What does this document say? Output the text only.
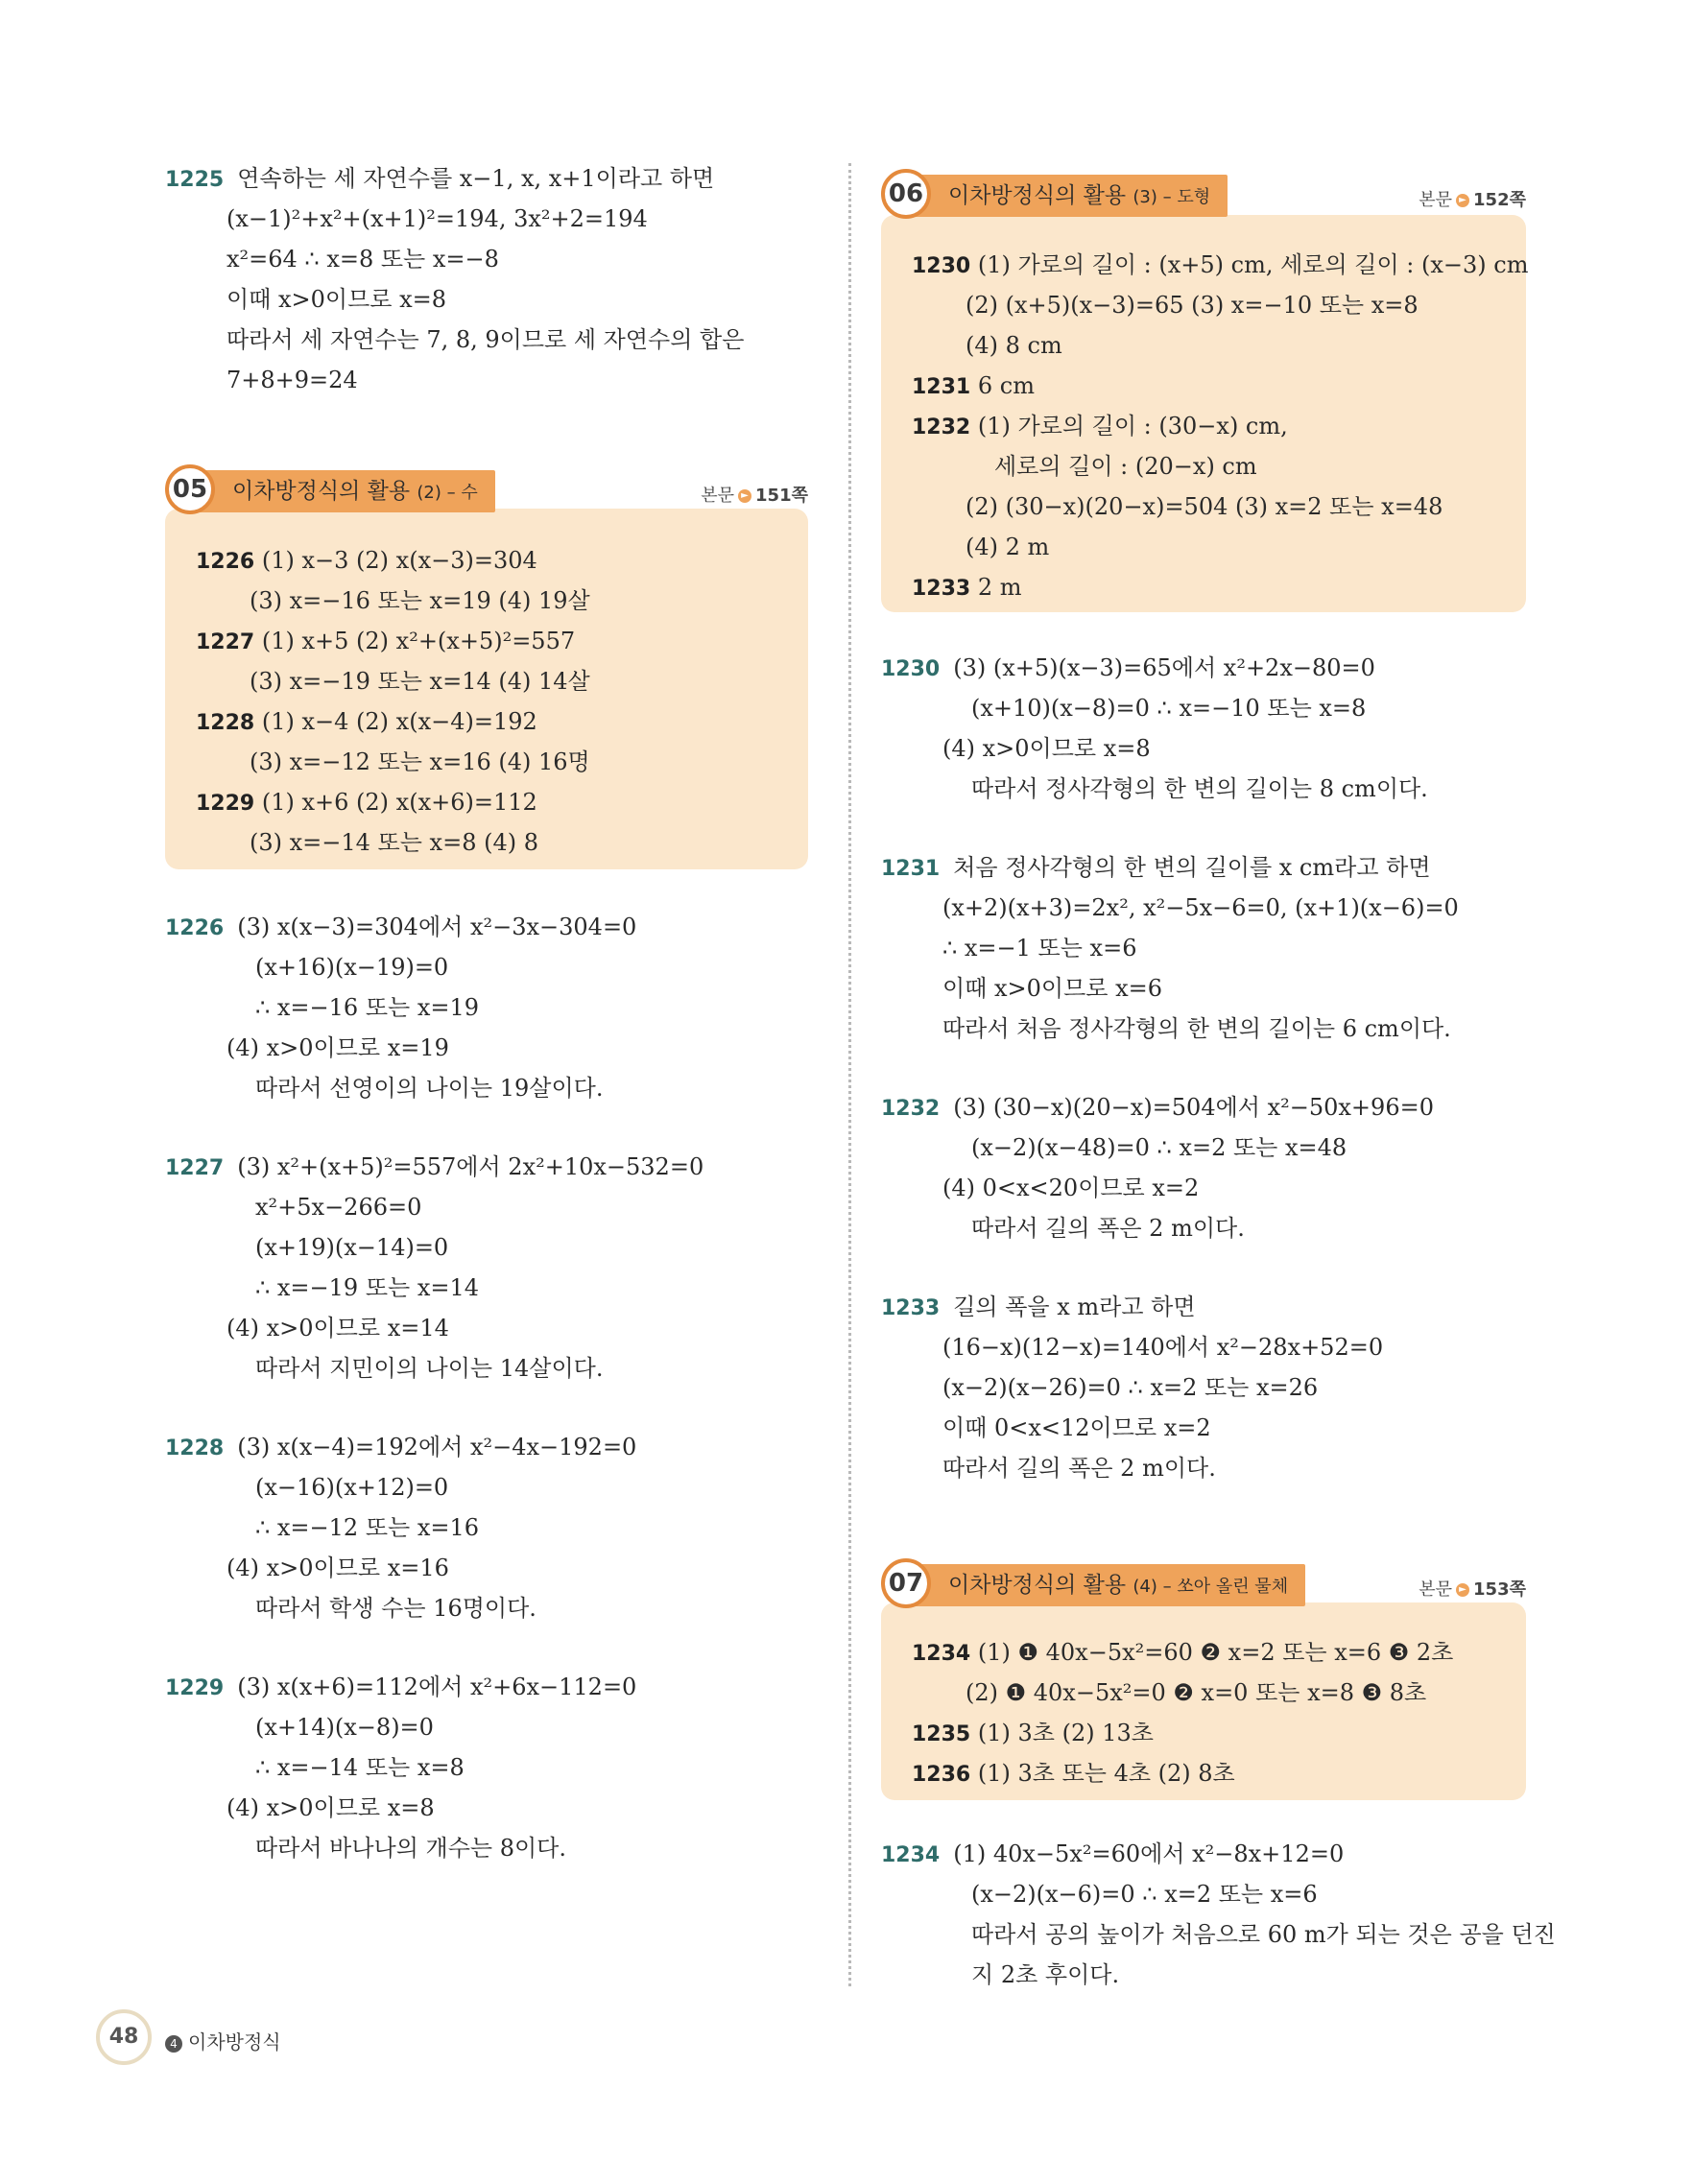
1225 연속하는 세 자연수를 x−1, x, x+1이라고 하면
(x−1)²+x²+(x+1)²=194, 3x²+2=194
x²=64 ∴ x=8 또는 x=−8
이때 x>0이므로 x=8
따라서 세 자연수는 7, 8, 9이므로 세 자연수의 합은
7+8+9=24
이차방정식의 활용 (2) – 수
05	본문 ► 151쪽
1226 (1) x−3 (2) x(x−3)=304
(3) x=−16 또는 x=19 (4) 19살
1227 (1) x+5 (2) x²+(x+5)²=557
(3) x=−19 또는 x=14 (4) 14살
1228 (1) x−4 (2) x(x−4)=192
(3) x=−12 또는 x=16 (4) 16명
1229 (1) x+6 (2) x(x+6)=112
(3) x=−14 또는 x=8 (4) 8
1226 (3) x(x−3)=304에서 x²−3x−304=0
(x+16)(x−19)=0
∴ x=−16 또는 x=19
(4) x>0이므로 x=19
따라서 선영이의 나이는 19살이다.
1227 (3) x²+(x+5)²=557에서 2x²+10x−532=0
x²+5x−266=0
(x+19)(x−14)=0
∴ x=−19 또는 x=14
(4) x>0이므로 x=14
따라서 지민이의 나이는 14살이다.
1228 (3) x(x−4)=192에서 x²−4x−192=0
(x−16)(x+12)=0
∴ x=−12 또는 x=16
(4) x>0이므로 x=16
따라서 학생 수는 16명이다.
1229 (3) x(x+6)=112에서 x²+6x−112=0
(x+14)(x−8)=0
∴ x=−14 또는 x=8
(4) x>0이므로 x=8
따라서 바나나의 개수는 8이다.
이차방정식의 활용 (3) – 도형
06	본문 ► 152쪽
1230 (1) 가로의 길이 : (x+5) cm, 세로의 길이 : (x−3) cm
(2) (x+5)(x−3)=65 (3) x=−10 또는 x=8
(4) 8 cm
1231 6 cm
1232 (1) 가로의 길이 : (30−x) cm,
세로의 길이 : (20−x) cm
(2) (30−x)(20−x)=504 (3) x=2 또는 x=48
(4) 2 m
1233 2 m
1230 (3) (x+5)(x−3)=65에서 x²+2x−80=0
(x+10)(x−8)=0 ∴ x=−10 또는 x=8
(4) x>0이므로 x=8
따라서 정사각형의 한 변의 길이는 8 cm이다.
1231 처음 정사각형의 한 변의 길이를 x cm라고 하면
(x+2)(x+3)=2x², x²−5x−6=0, (x+1)(x−6)=0
∴ x=−1 또는 x=6
이때 x>0이므로 x=6
따라서 처음 정사각형의 한 변의 길이는 6 cm이다.
1232 (3) (30−x)(20−x)=504에서 x²−50x+96=0
(x−2)(x−48)=0 ∴ x=2 또는 x=48
(4) 0<x<20이므로 x=2
따라서 길의 폭은 2 m이다.
1233 길의 폭을 x m라고 하면
(16−x)(12−x)=140에서 x²−28x+52=0
(x−2)(x−26)=0 ∴ x=2 또는 x=26
이때 0<x<12이므로 x=2
따라서 길의 폭은 2 m이다.
이차방정식의 활용 (4) – 쏘아 올린 물체
07	본문 ► 153쪽
1234 (1) ❶ 40x−5x²=60 ❷ x=2 또는 x=6 ❸ 2초
(2) ❶ 40x−5x²=0 ❷ x=0 또는 x=8 ❸ 8초
1235 (1) 3초 (2) 13초
1236 (1) 3초 또는 4초 (2) 8초
1234 (1) 40x−5x²=60에서 x²−8x+12=0
(x−2)(x−6)=0 ∴ x=2 또는 x=6
따라서 공의 높이가 처음으로 60 m가 되는 것은 공을 던진
지 2초 후이다.
48	4 이차방정식
